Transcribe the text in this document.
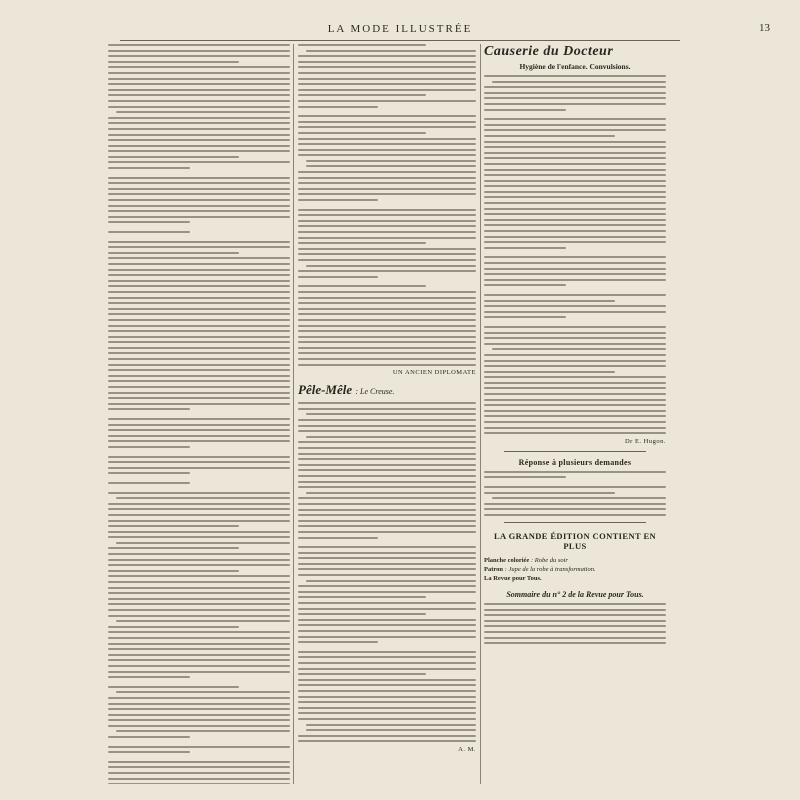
LA MODE ILLUSTRÉE	13
UN ANCIEN DIPLOMATE
Pêle-Mêle : Le Creuse.
A. M.
Causerie du Docteur
Hygiène de l'enfance. Convulsions.
Dr E. Hugon.
Réponse à plusieurs demandes
LA GRANDE ÉDITION CONTIENT EN PLUS
Planche coloriée : Robe du soir
Patron : Jupe de la robe à transformation.
La Revue pour Tous.
Sommaire du n° 2 de la Revue pour Tous.
